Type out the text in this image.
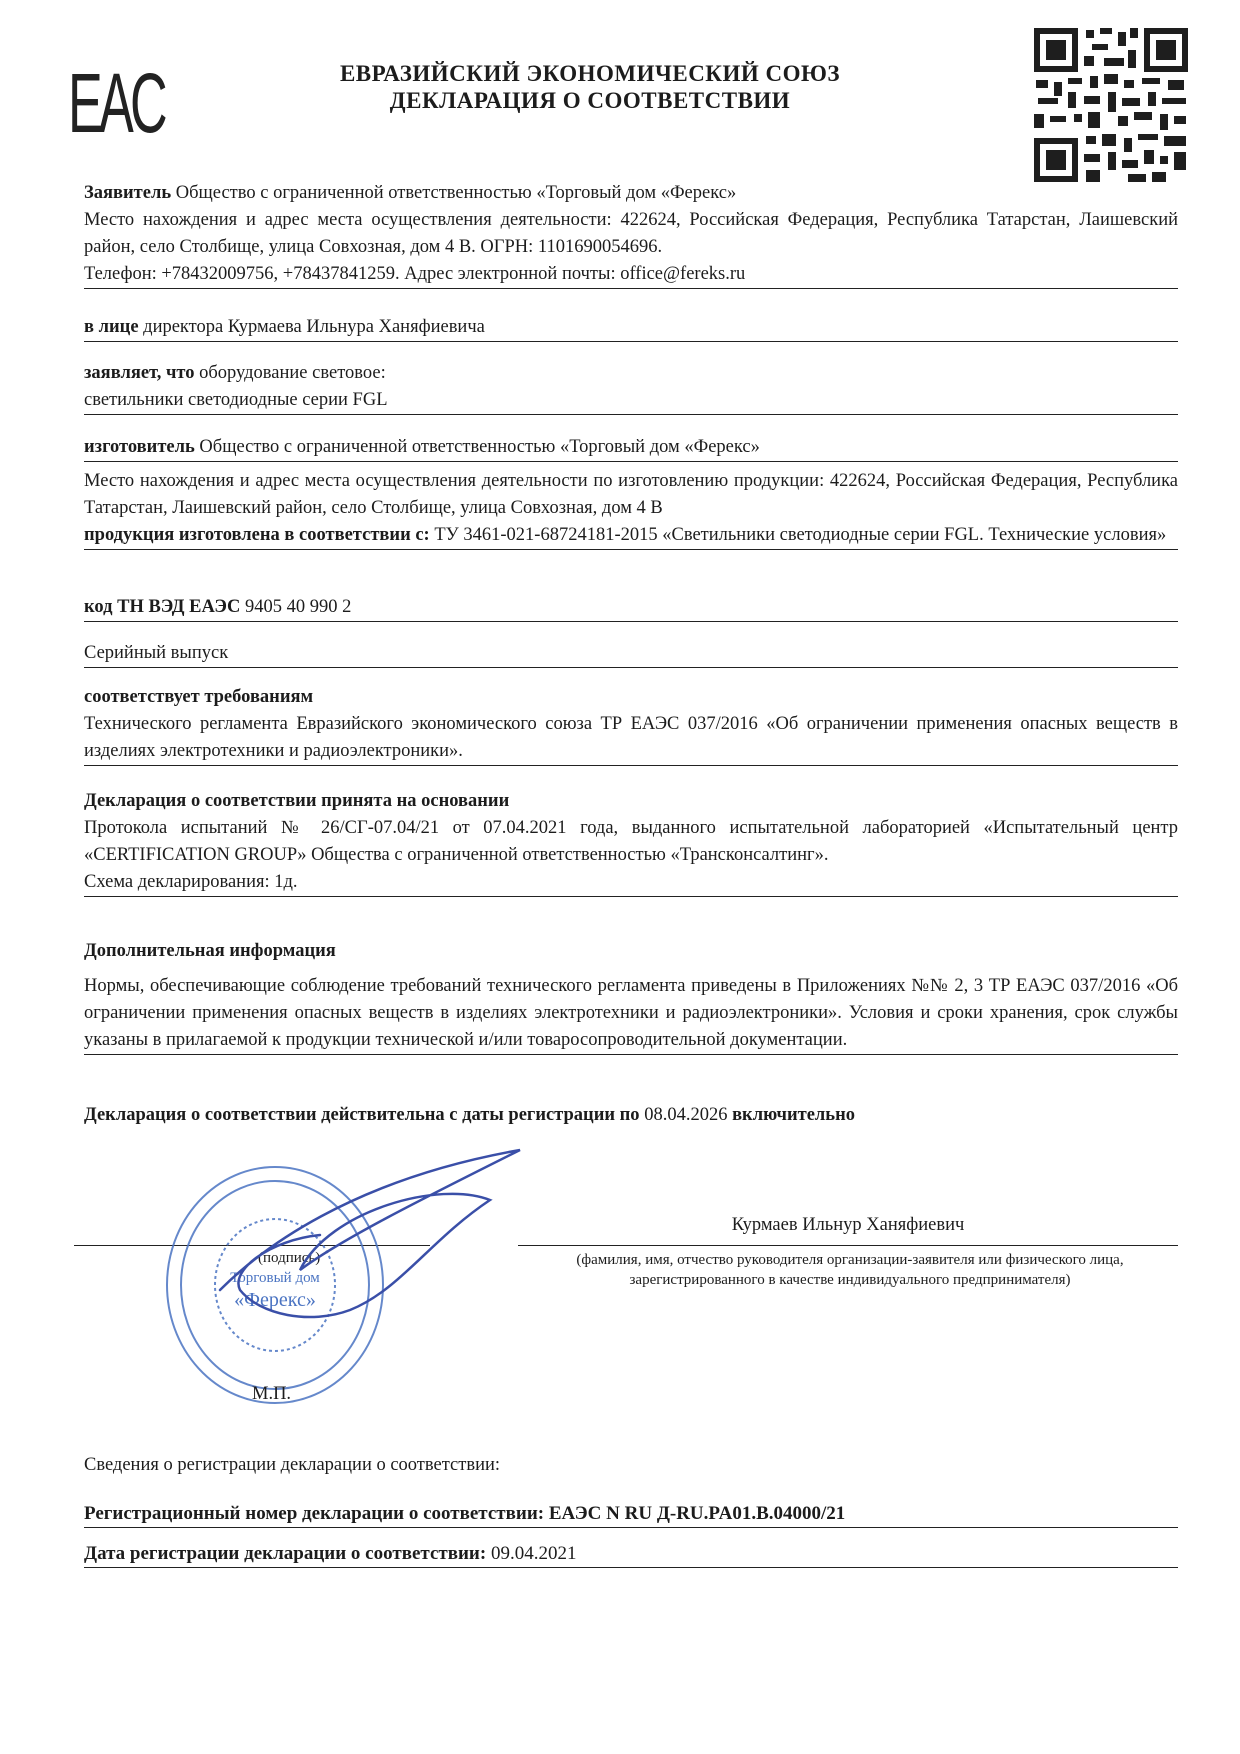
EAC	ЕВРАЗИЙСКИЙ ЭКОНОМИЧЕСКИЙ СОЮЗ
ДЕКЛАРАЦИЯ О СООТВЕТСТВИИ
Заявитель Общество с ограниченной ответственностью «Торговый дом «Ферекс»
Место нахождения и адрес места осуществления деятельности: 422624, Российская Федерация, Республика Татарстан, Лаишевский район, село Столбище, улица Совхозная, дом 4 В. ОГРН: 1101690054696.
Телефон: +78432009756, +78437841259. Адрес электронной почты: office@fereks.ru
в лице директора Курмаева Ильнура Ханяфиевича
заявляет, что оборудование световое:
светильники светодиодные серии FGL
изготовитель Общество с ограниченной ответственностью «Торговый дом «Ферекс»
Место нахождения и адрес места осуществления деятельности по изготовлению продукции: 422624, Российская Федерация, Республика Татарстан, Лаишевский район, село Столбище, улица Совхозная, дом 4 В
продукция изготовлена в соответствии с: ТУ 3461-021-68724181-2015 «Светильники светодиодные серии FGL. Технические условия»
код ТН ВЭД ЕАЭС 9405 40 990 2
Серийный выпуск
соответствует требованиям
Технического регламента Евразийского экономического союза ТР ЕАЭС 037/2016 «Об ограничении применения опасных веществ в изделиях электротехники и радиоэлектроники».
Декларация о соответствии принята на основании
Протокола испытаний № 26/СГ-07.04/21 от 07.04.2021 года, выданного испытательной лабораторией «Испытательный центр «CERTIFICATION GROUP» Общества с ограниченной ответственностью «Трансконсалтинг».
Схема декларирования: 1д.
Дополнительная информация
Нормы, обеспечивающие соблюдение требований технического регламента приведены в Приложениях №№ 2, 3 ТР ЕАЭС 037/2016 «Об ограничении применения опасных веществ в изделиях электротехники и радиоэлектроники». Условия и сроки хранения, срок службы указаны в прилагаемой к продукции технической и/или товаросопроводительной документации.
Декларация о соответствии действительна с даты регистрации по 08.04.2026 включительно
(подпись)
Курмаев Ильнур Ханяфиевич
(фамилия, имя, отчество руководителя организации-заявителя или физического лица, зарегистрированного в качестве индивидуального предпринимателя)
Торговый дом
«Ферекс»
М.П.
Сведения о регистрации декларации о соответствии:
Регистрационный номер декларации о соответствии: ЕАЭС N RU Д-RU.PA01.B.04000/21
Дата регистрации декларации о соответствии: 09.04.2021
